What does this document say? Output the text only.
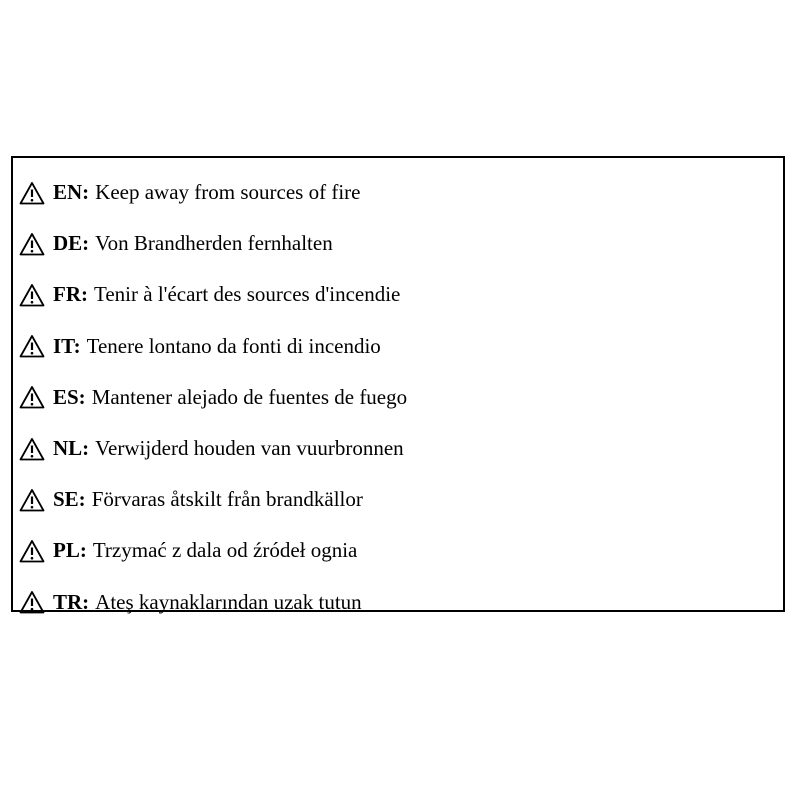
EN: Keep away from sources of fire
DE: Von Brandherden fernhalten
FR: Tenir à l'écart des sources d'incendie
IT: Tenere lontano da fonti di incendio
ES: Mantener alejado de fuentes de fuego
NL: Verwijderd houden van vuurbronnen
SE: Förvaras åtskilt från brandkällor
PL: Trzymać z dala od źródeł ognia
TR: Ateş kaynaklarından uzak tutun
